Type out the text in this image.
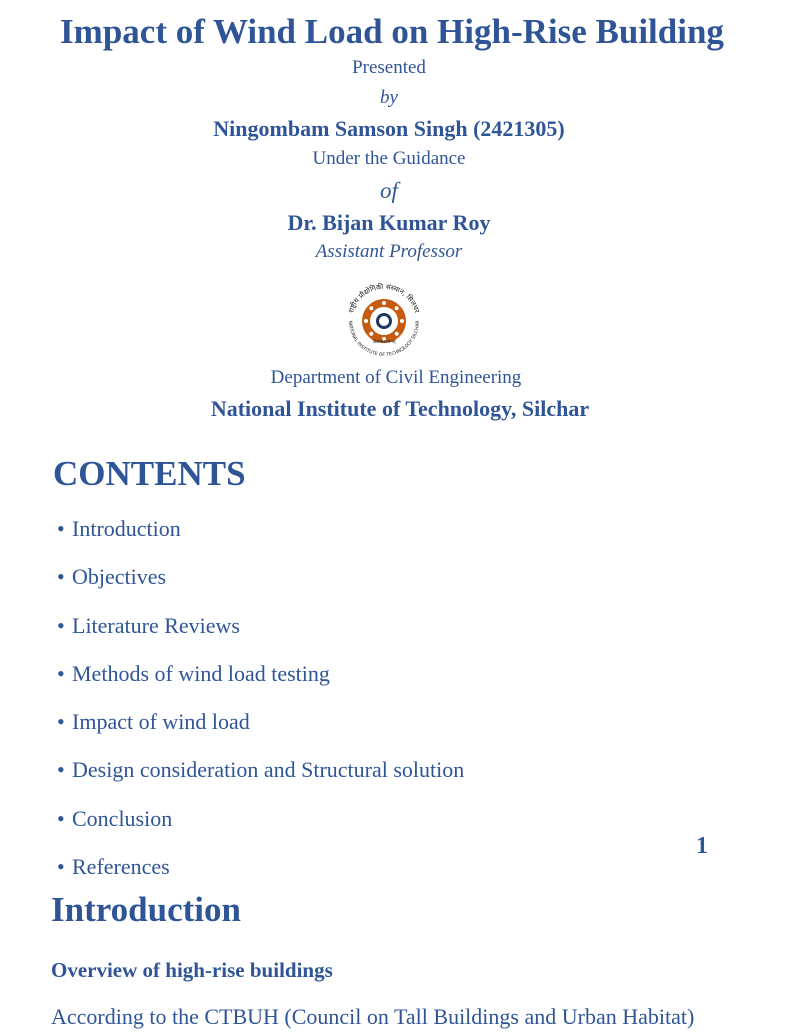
Impact of Wind Load on High-Rise Building
Presented
by
Ningombam Samson Singh (2421305)
Under the Guidance
of
Dr. Bijan Kumar Roy
Assistant Professor
राष्ट्रीय प्रौद्योगिकी संस्थान, सिलचर
NATIONAL INSTITUTE OF TECHNOLOGY SILCHAR
विद्यासंसाधनम्
Department of Civil Engineering
National Institute of Technology, Silchar
CONTENTS
• Introduction
• Objectives
• Literature Reviews
• Methods of wind load testing
• Impact of wind load
• Design consideration and Structural solution
• Conclusion
• References
1
Introduction
Overview of high-rise buildings
According to the CTBUH (Council on Tall Buildings and Urban Habitat)
